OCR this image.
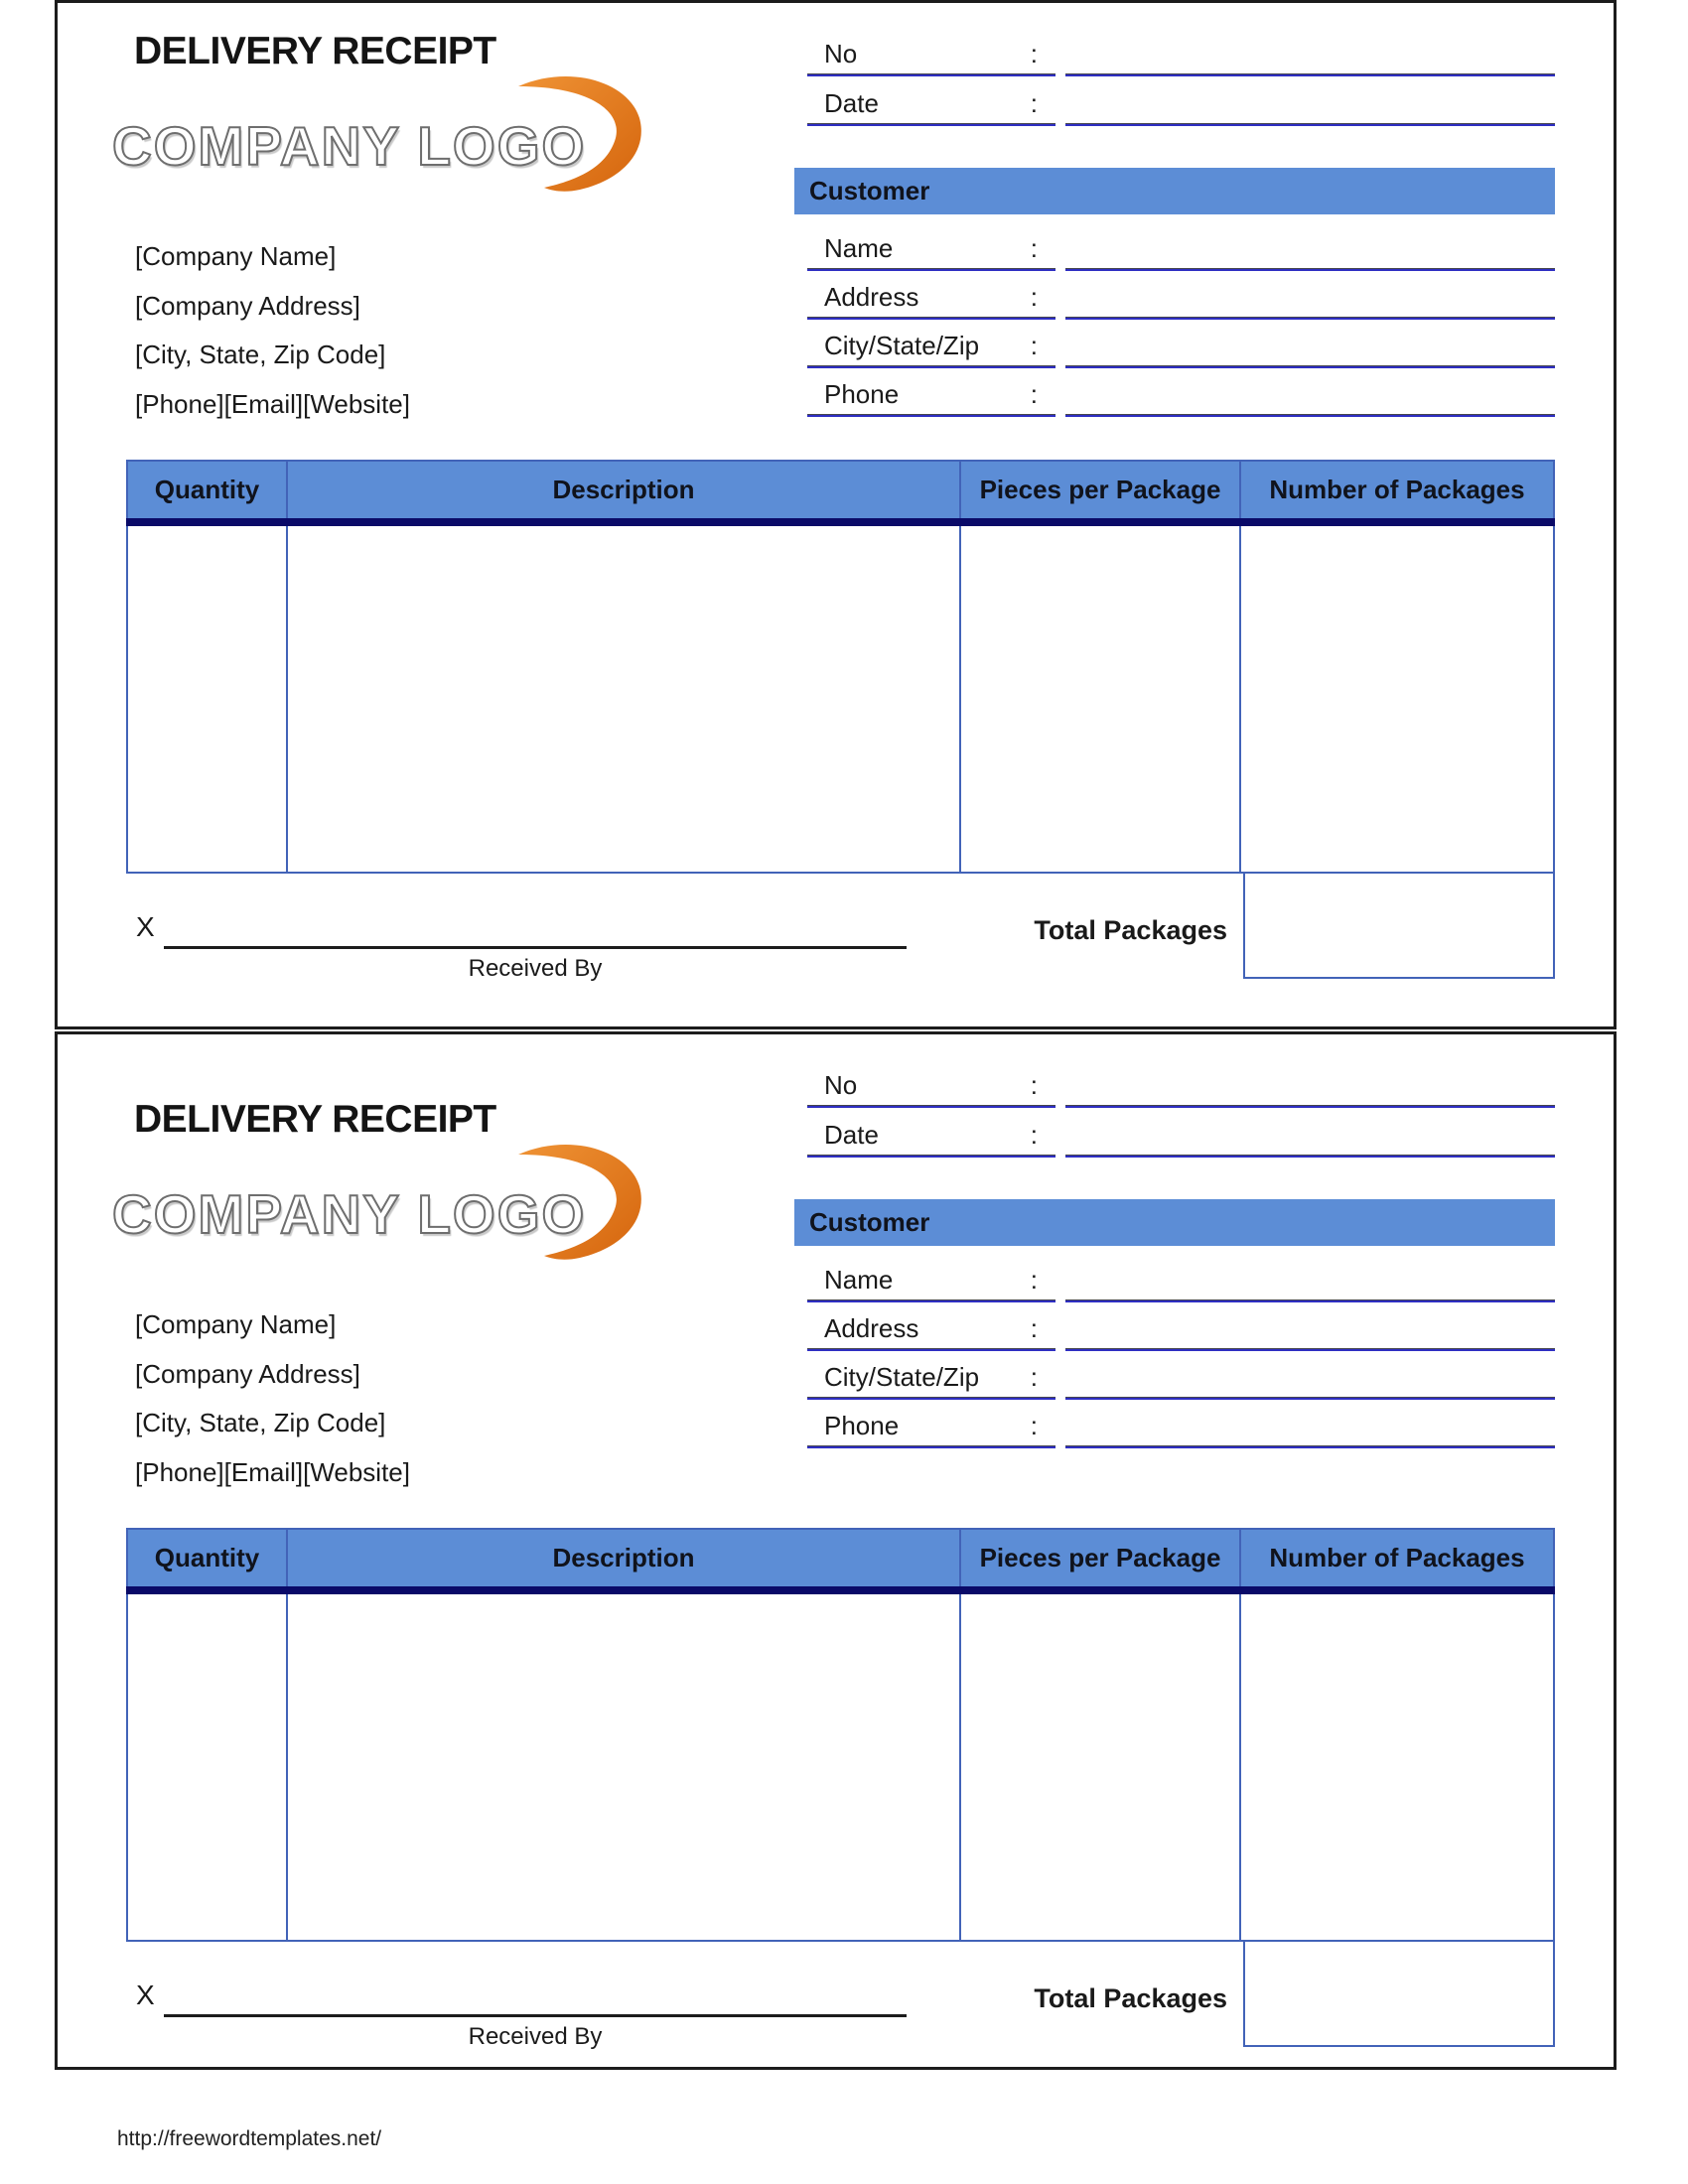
DELIVERY RECEIPT
COMPANY LOGO
[Company Name]
[Company Address]
[City, State, Zip Code]
[Phone][Email][Website]
No	:
Date	:
Customer
Name	:
Address	:
City/State/Zip :
Phone	:
Quantity	Description	Pieces per Package	Number of Packages
X
Received By
Total Packages
DELIVERY RECEIPT
COMPANY LOGO
[Company Name]
[Company Address]
[City, State, Zip Code]
[Phone][Email][Website]
No	:
Date	:
Customer
Name	:
Address	:
City/State/Zip :
Phone	:
Quantity	Description	Pieces per Package	Number of Packages
X
Received By
Total Packages
http://freewordtemplates.net/
